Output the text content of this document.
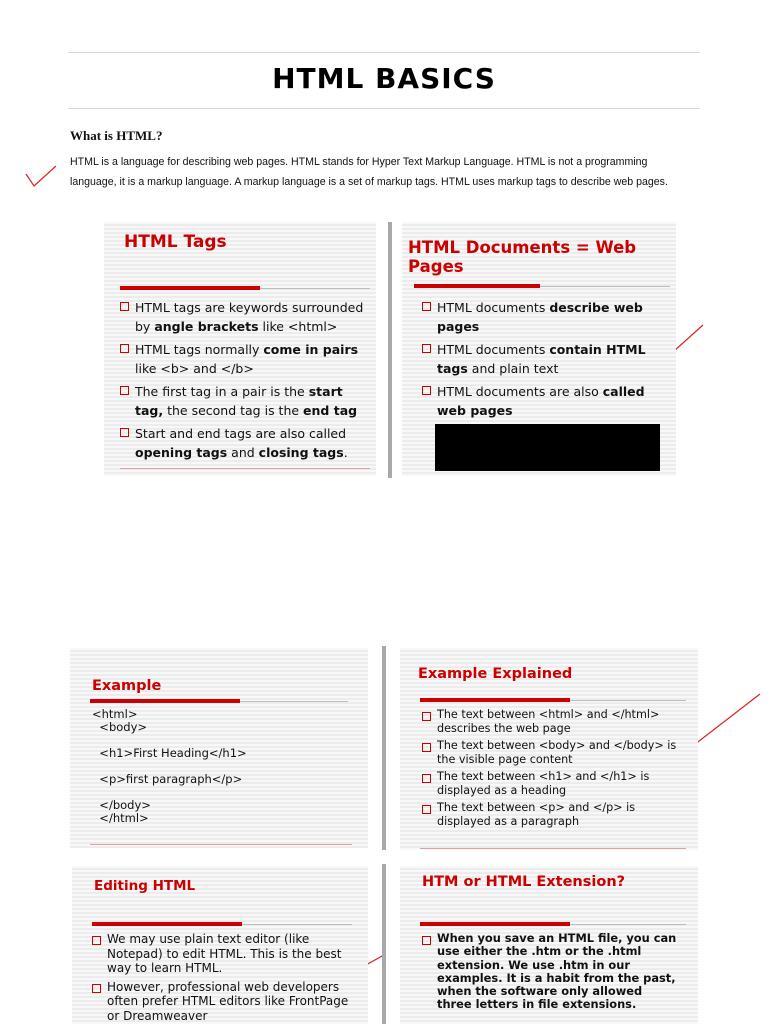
HTML BASICS
What is HTML?
HTML is a language for describing web pages. HTML stands for Hyper Text Markup Language. HTML is not a programming language, it is a markup language. A markup language is a set of markup tags. HTML uses markup tags to describe web pages.
HTML Tags
HTML tags are keywords surrounded by angle brackets like <html>
HTML tags normally come in pairs like <b> and </b>
The first tag in a pair is the start tag, the second tag is the end tag
Start and end tags are also called opening tags and closing tags.
HTML Documents = Web Pages
HTML documents describe web pages
HTML documents contain HTML tags and plain text
HTML documents are also called web pages
Example
<html>
<body>

<h1>First Heading</h1>

<p>first paragraph</p>

</body>
</html>
Example Explained
The text between <html> and </html> describes the web page
The text between <body> and </body> is the visible page content
The text between <h1> and </h1> is displayed as a heading
The text between <p> and </p> is displayed as a paragraph
Editing HTML
We may use plain text editor (like Notepad) to edit HTML. This is the best way to learn HTML.
However, professional web developers often prefer HTML editors like FrontPage or Dreamweaver
HTM or HTML Extension?
When you save an HTML file, you can use either the .htm or the .html extension. We use .htm in our examples. It is a habit from the past, when the software only allowed three letters in file extensions.
